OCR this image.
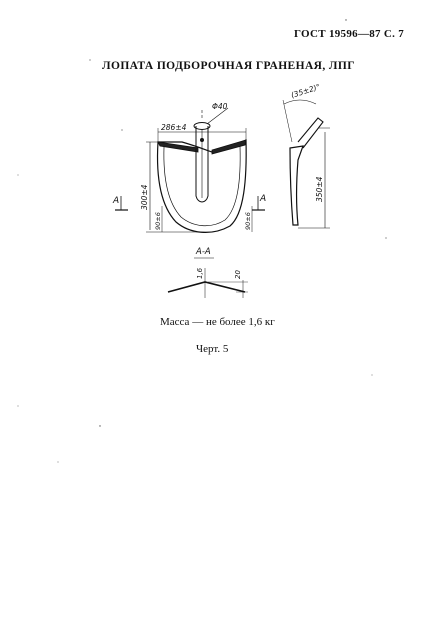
ГОСТ 19596—87 С. 7
ЛОПАТА ПОДБОРОЧНАЯ ГРАНЕНАЯ, ЛПГ
Φ40
286±4
300±4
90±6	90±6
A	A
(35±2)°
350±4
А-А
1,6	20
Масса — не более 1,6 кг
Черт. 5
